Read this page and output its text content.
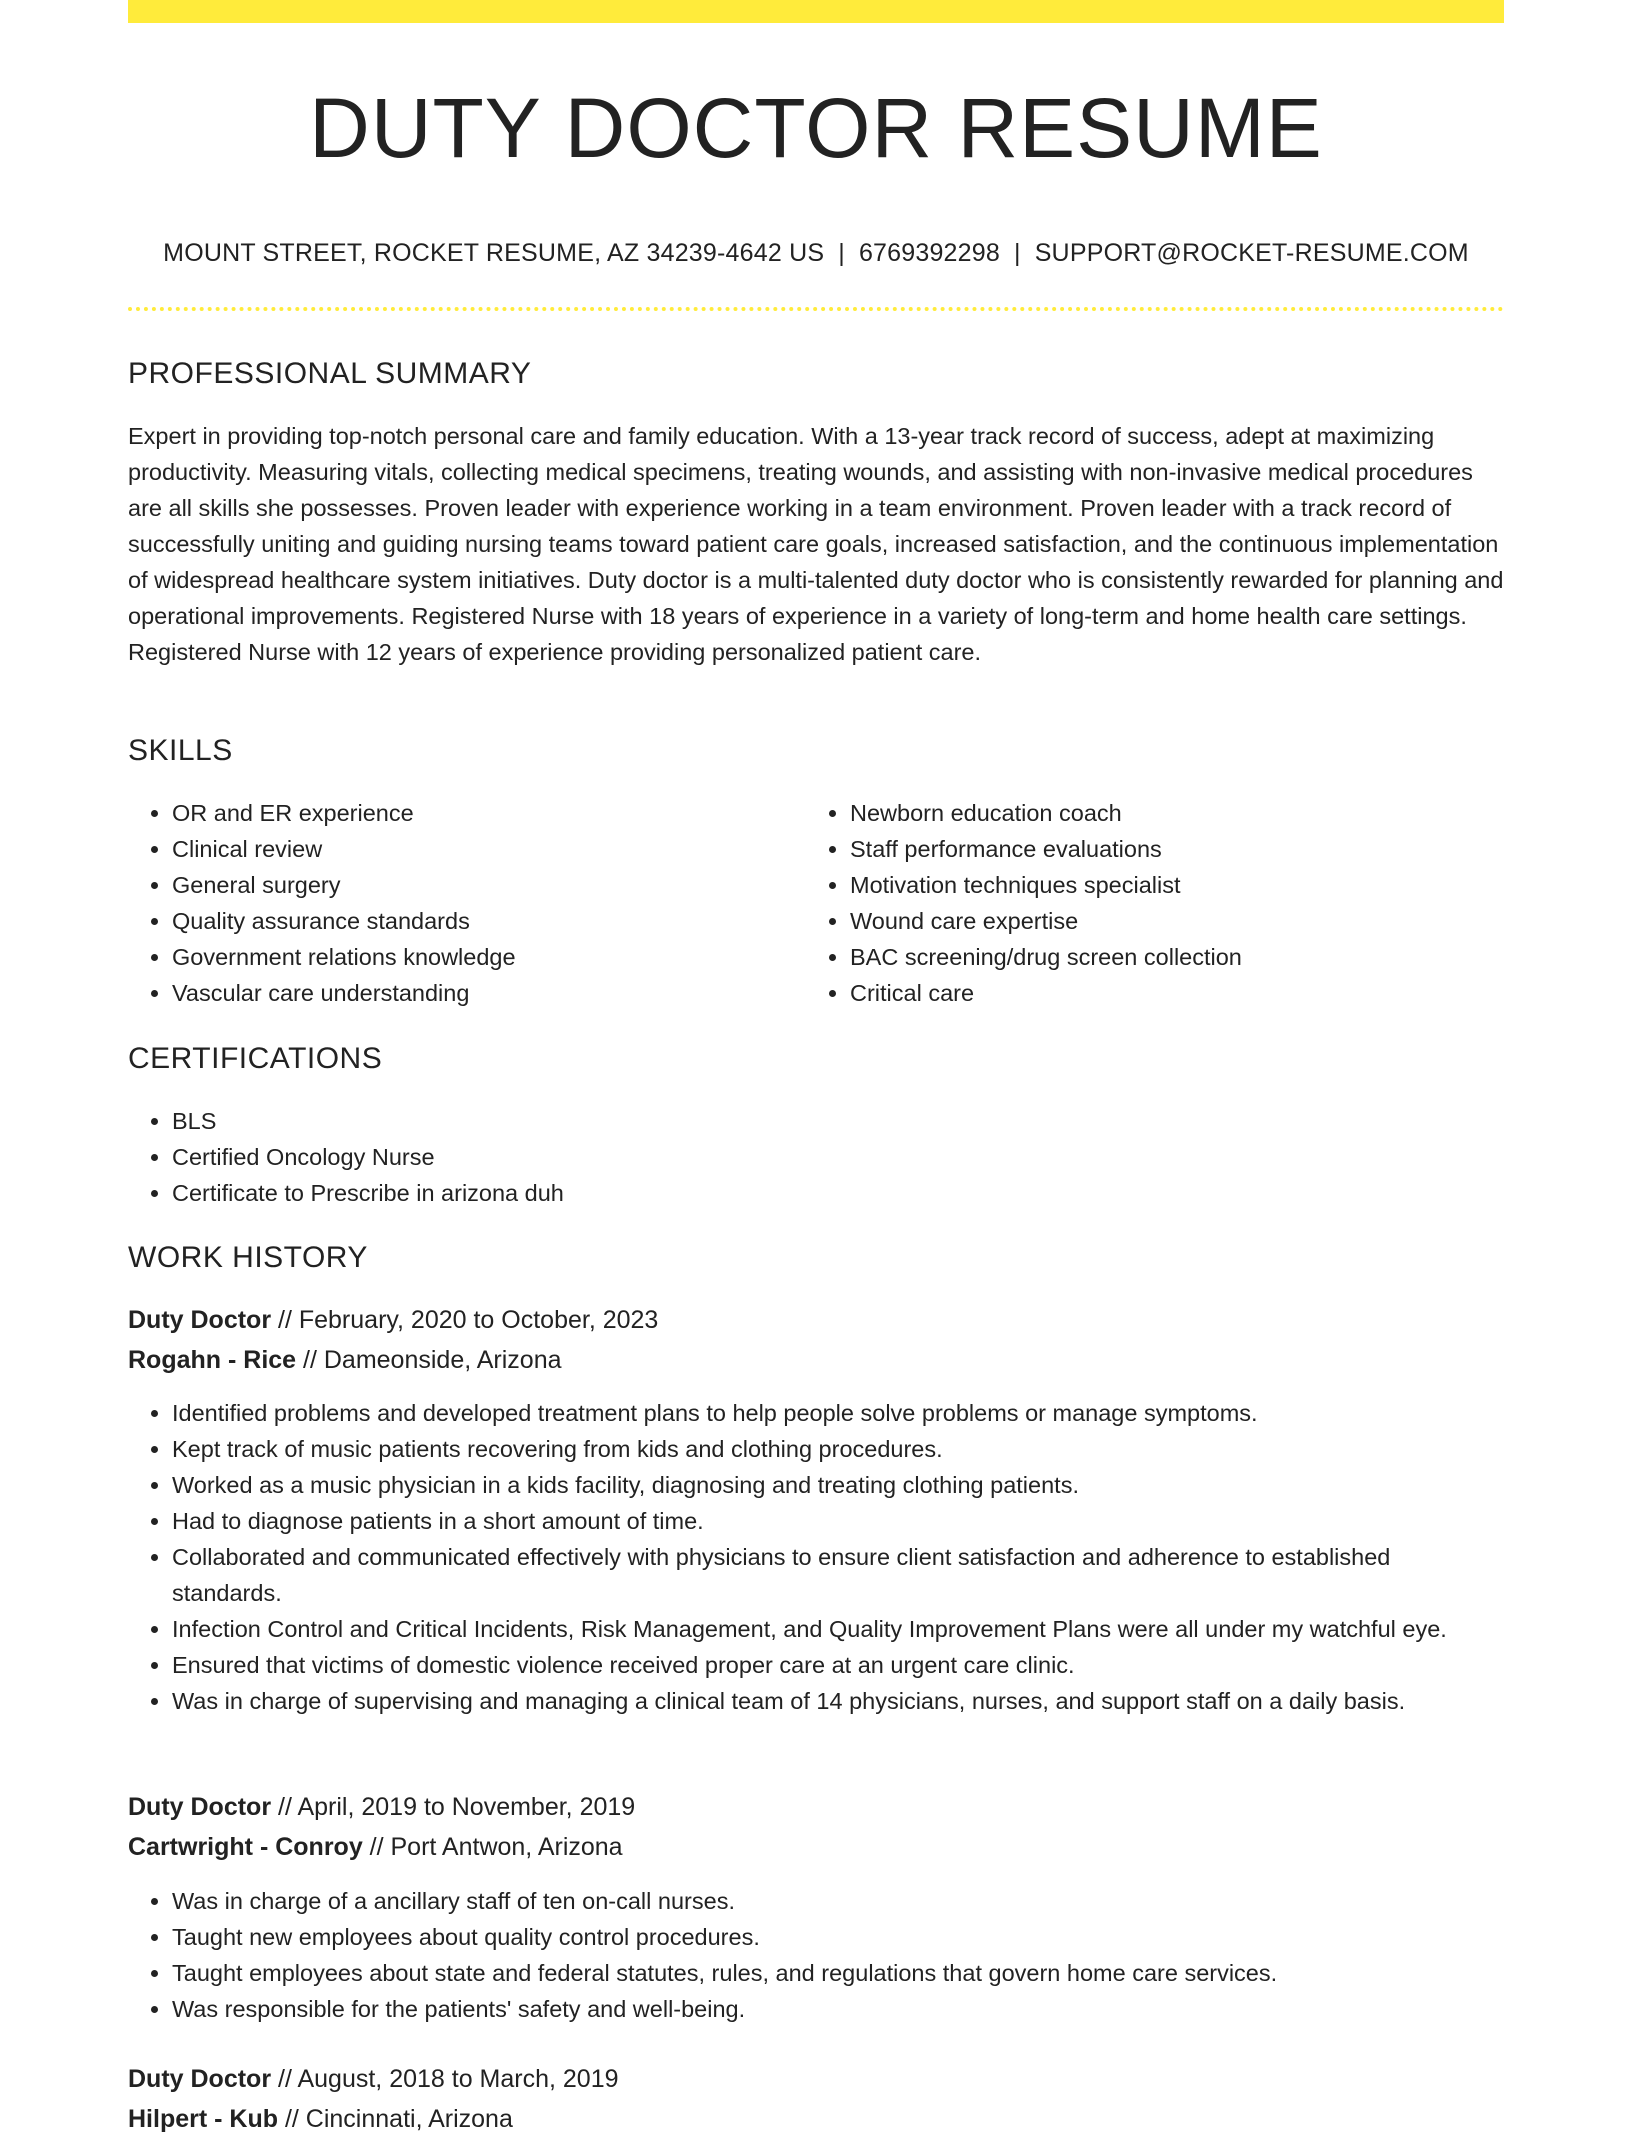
DUTY DOCTOR RESUME
MOUNT STREET, ROCKET RESUME, AZ 34239-4642 US | 6769392298 | SUPPORT@ROCKET-RESUME.COM
PROFESSIONAL SUMMARY

Expert in providing top-notch personal care and family education. With a 13-year track record of success, adept at maximizing productivity. Measuring vitals, collecting medical specimens, treating wounds, and assisting with non-invasive medical procedures are all skills she possesses. Proven leader with experience working in a team environment. Proven leader with a track record of successfully uniting and guiding nursing teams toward patient care goals, increased satisfaction, and the continuous implementation of widespread healthcare system initiatives. Duty doctor is a multi-talented duty doctor who is consistently rewarded for planning and operational improvements. Registered Nurse with 18 years of experience in a variety of long-term and home health care settings. Registered Nurse with 12 years of experience providing personalized patient care.

SKILLS
• OR and ER experience
• Clinical review
• General surgery
• Quality assurance standards
• Government relations knowledge
• Vascular care understanding
• Newborn education coach
• Staff performance evaluations
• Motivation techniques specialist
• Wound care expertise
• BAC screening/drug screen collection
• Critical care
CERTIFICATIONS
• BLS
• Certified Oncology Nurse
• Certificate to Prescribe in arizona duh
WORK HISTORY
Duty Doctor // February, 2020 to October, 2023
Rogahn - Rice // Dameonside, Arizona
• Identified problems and developed treatment plans to help people solve problems or manage symptoms.
• Kept track of music patients recovering from kids and clothing procedures.
• Worked as a music physician in a kids facility, diagnosing and treating clothing patients.
• Had to diagnose patients in a short amount of time.
• Collaborated and communicated effectively with physicians to ensure client satisfaction and adherence to established standards.
• Infection Control and Critical Incidents, Risk Management, and Quality Improvement Plans were all under my watchful eye.
• Ensured that victims of domestic violence received proper care at an urgent care clinic.
• Was in charge of supervising and managing a clinical team of 14 physicians, nurses, and support staff on a daily basis.
Duty Doctor // April, 2019 to November, 2019
Cartwright - Conroy // Port Antwon, Arizona
• Was in charge of a ancillary staff of ten on-call nurses.
• Taught new employees about quality control procedures.
• Taught employees about state and federal statutes, rules, and regulations that govern home care services.
• Was responsible for the patients' safety and well-being.
Duty Doctor // August, 2018 to March, 2019
Hilpert - Kub // Cincinnati, Arizona
